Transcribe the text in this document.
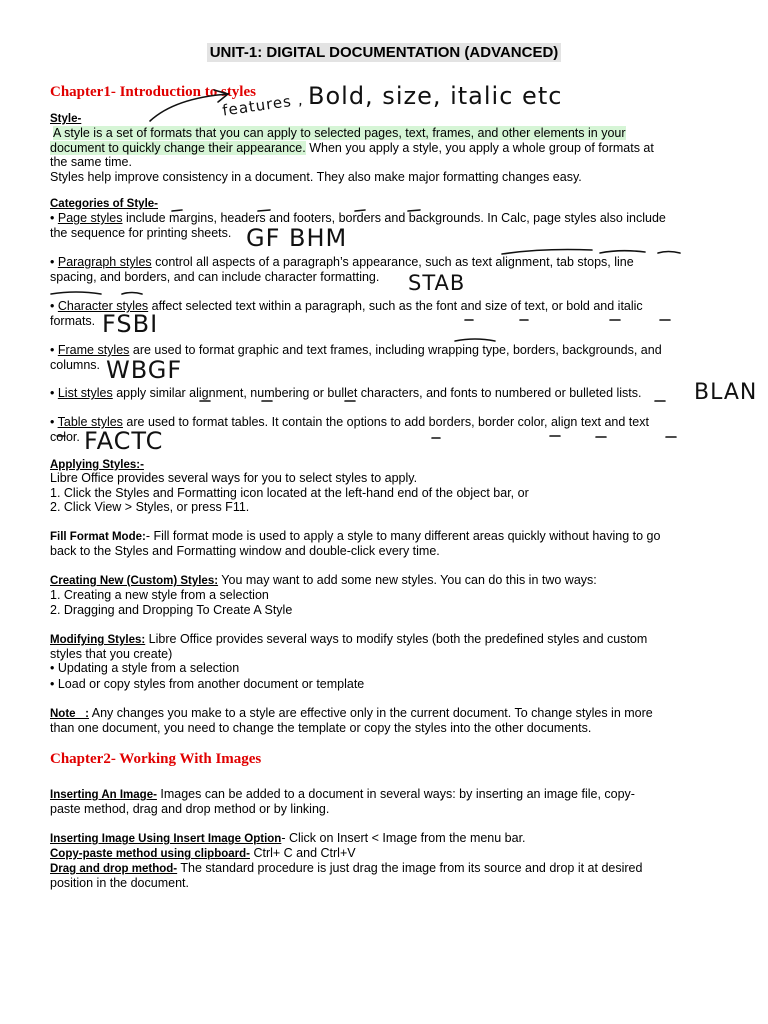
UNIT-1: DIGITAL DOCUMENTATION (ADVANCED)
Chapter1- Introduction to styles
Style-
A style is a set of formats that you can apply to selected pages, text, frames, and other elements in your
document to quickly change their appearance. When you apply a style, you apply a whole group of formats at
the same time.
Styles help improve consistency in a document. They also make major formatting changes easy.
Categories of Style-
• Page styles include margins, headers and footers, borders and backgrounds. In Calc, page styles also include
the sequence for printing sheets.
• Paragraph styles control all aspects of a paragraph’s appearance, such as text alignment, tab stops, line
spacing, and borders, and can include character formatting.
• Character styles affect selected text within a paragraph, such as the font and size of text, or bold and italic
formats.
• Frame styles are used to format graphic and text frames, including wrapping type, borders, backgrounds, and
columns.
• List styles apply similar alignment, numbering or bullet characters, and fonts to numbered or bulleted lists.
• Table styles are used to format tables. It contain the options to add borders, border color, align text and text
color.
Applying Styles:-
Libre Office provides several ways for you to select styles to apply.
1. Click the Styles and Formatting icon located at the left-hand end of the object bar, or
2. Click View > Styles, or press F11.
Fill Format Mode:- Fill format mode is used to apply a style to many different areas quickly without having to go
back to the Styles and Formatting window and double-click every time.
Creating New (Custom) Styles: You may want to add some new styles. You can do this in two ways:
1. Creating a new style from a selection
2. Dragging and Dropping To Create A Style
Modifying Styles: Libre Office provides several ways to modify styles (both the predefined styles and custom
styles that you create)
• Updating a style from a selection
• Load or copy styles from another document or template
Note_ : Any changes you make to a style are effective only in the current document. To change styles in more
than one document, you need to change the template or copy the styles into the other documents.
Chapter2- Working With Images
Inserting An Image- Images can be added to a document in several ways: by inserting an image file, copy-
paste method, drag and drop method or by linking.
Inserting Image Using Insert Image Option- Click on Insert < Image from the menu bar.
Copy-paste method using clipboard- Ctrl+ C and Ctrl+V
Drag and drop method- The standard procedure is just drag the image from its source and drop it at desired
position in the document.
features , Bold, size, italic etc
GF BHM
STAB
FSBI
WBGF
BLAN
FACTC
